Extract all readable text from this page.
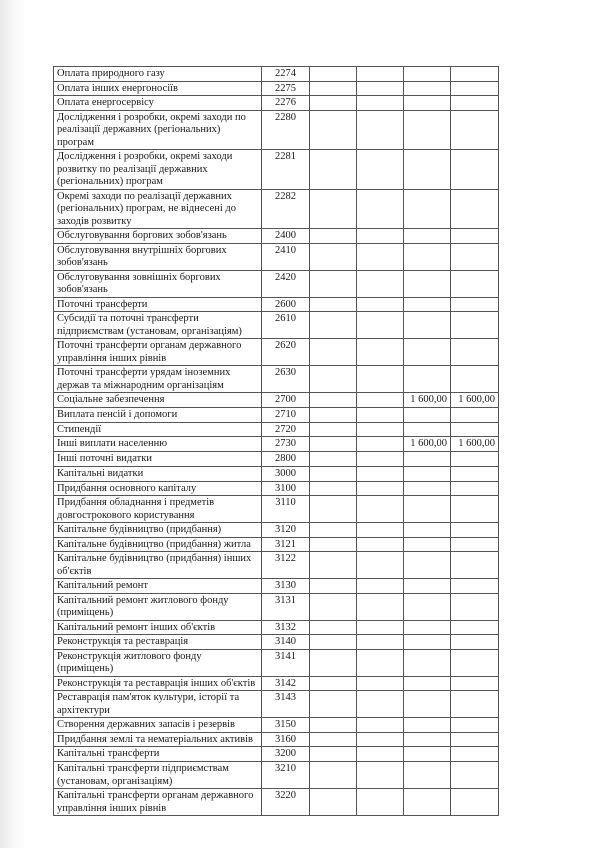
Оплата природного газу	2274				
Оплата інших енергоносіїв	2275				
Оплата енергосервісу	2276				
Дослідження і розробки, окремі заходи по реалізації державних (регіональних) програм	2280				
Дослідження і розробки, окремі заходи розвитку по реалізації державних (регіональних) програм	2281				
Окремі заходи по реалізації державних (регіональних) програм, не віднесені до заходів розвитку	2282				
Обслуговування боргових зобов'язань	2400				
Обслуговування внутрішніх боргових зобов'язань	2410				
Обслуговування зовнішніх боргових зобов'язань	2420				
Поточні трансферти	2600				
Субсидії та поточні трансферти підприємствам (установам, організаціям)	2610				
Поточні трансферти органам державного управління інших рівнів	2620				
Поточні трансферти урядам іноземних держав та міжнародним організаціям	2630				
Соціальне забезпечення	2700			1 600,00	1 600,00
Виплата пенсій і допомоги	2710				
Стипендії	2720				
Інші виплати населенню	2730			1 600,00	1 600,00
Інші поточні видатки	2800				
Капітальні видатки	3000				
Придбання основного капіталу	3100				
Придбання обладнання і предметів довгострокового користування	3110				
Капітальне будівництво (придбання)	3120				
Капітальне будівництво (придбання) житла	3121				
Капітальне будівництво (придбання) інших об'єктів	3122				
Капітальний ремонт	3130				
Капітальний ремонт житлового фонду (приміщень)	3131				
Капітальний ремонт інших об'єктів	3132				
Реконструкція та реставрація	3140				
Реконструкція житлового фонду (приміщень)	3141				
Реконструкція та реставрація інших об'єктів	3142				
Реставрація пам'яток культури, історії та архітектури	3143				
Створення державних запасів і резервів	3150				
Придбання землі та нематеріальних активів	3160				
Капітальні трансферти	3200				
Капітальні трансферти підприємствам (установам, організаціям)	3210				
Капітальні трансферти органам державного управління інших рівнів	3220				
